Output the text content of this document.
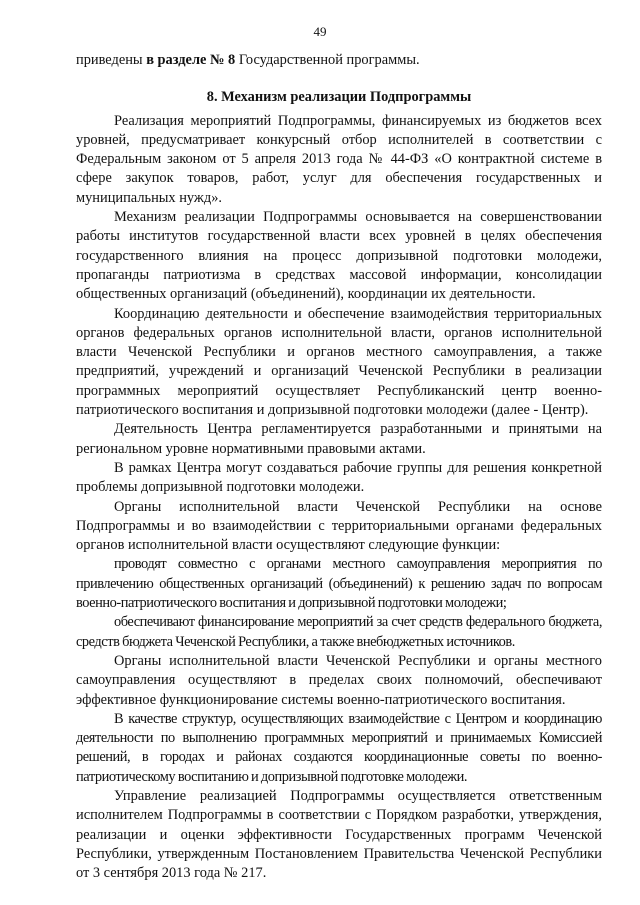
49

приведены в разделе № 8 Государственной программы.

8. Механизм реализации Подпрограммы

Реализация мероприятий Подпрограммы, финансируемых из бюджетов всех уровней, предусматривает конкурсный отбор исполнителей в соответствии с Федеральным законом от 5 апреля 2013 года № 44-ФЗ «О контрактной системе в сфере закупок товаров, работ, услуг для обеспечения государственных и муниципальных нужд».

Механизм реализации Подпрограммы основывается на совершенствовании работы институтов государственной власти всех уровней в целях обеспечения государственного влияния на процесс допризывной подготовки молодежи, пропаганды патриотизма в средствах массовой информации, консолидации общественных организаций (объединений), координации их деятельности.

Координацию деятельности и обеспечение взаимодействия территориальных органов федеральных органов исполнительной власти, органов исполнительной власти Чеченской Республики и органов местного самоуправления, а также предприятий, учреждений и организаций Чеченской Республики в реализации программных мероприятий осуществляет Республиканский центр военно-патриотического воспитания и допризывной подготовки молодежи (далее - Центр).

Деятельность Центра регламентируется разработанными и принятыми на региональном уровне нормативными правовыми актами.

В рамках Центра могут создаваться рабочие группы для решения конкретной проблемы допризывной подготовки молодежи.

Органы исполнительной власти Чеченской Республики на основе Подпрограммы и во взаимодействии с территориальными органами федеральных органов исполнительной власти осуществляют следующие функции:

проводят совместно с органами местного самоуправления мероприятия по привлечению общественных организаций (объединений) к решению задач по вопросам военно-патриотического воспитания и допризывной подготовки молодежи;

обеспечивают финансирование мероприятий за счет средств федерального бюджета, средств бюджета Чеченской Республики, а также внебюджетных источников.

Органы исполнительной власти Чеченской Республики и органы местного самоуправления осуществляют в пределах своих полномочий, обеспечивают эффективное функционирование системы военно-патриотического воспитания.

В качестве структур, осуществляющих взаимодействие с Центром и координацию деятельности по выполнению программных мероприятий и принимаемых Комиссией решений, в городах и районах создаются координационные советы по военно-патриотическому воспитанию и допризывной подготовке молодежи.

Управление реализацией Подпрограммы осуществляется ответственным исполнителем Подпрограммы в соответствии с Порядком разработки, утверждения, реализации и оценки эффективности Государственных программ Чеченской Республики, утвержденным Постановлением Правительства Чеченской Республики от 3 сентября 2013 года № 217.
